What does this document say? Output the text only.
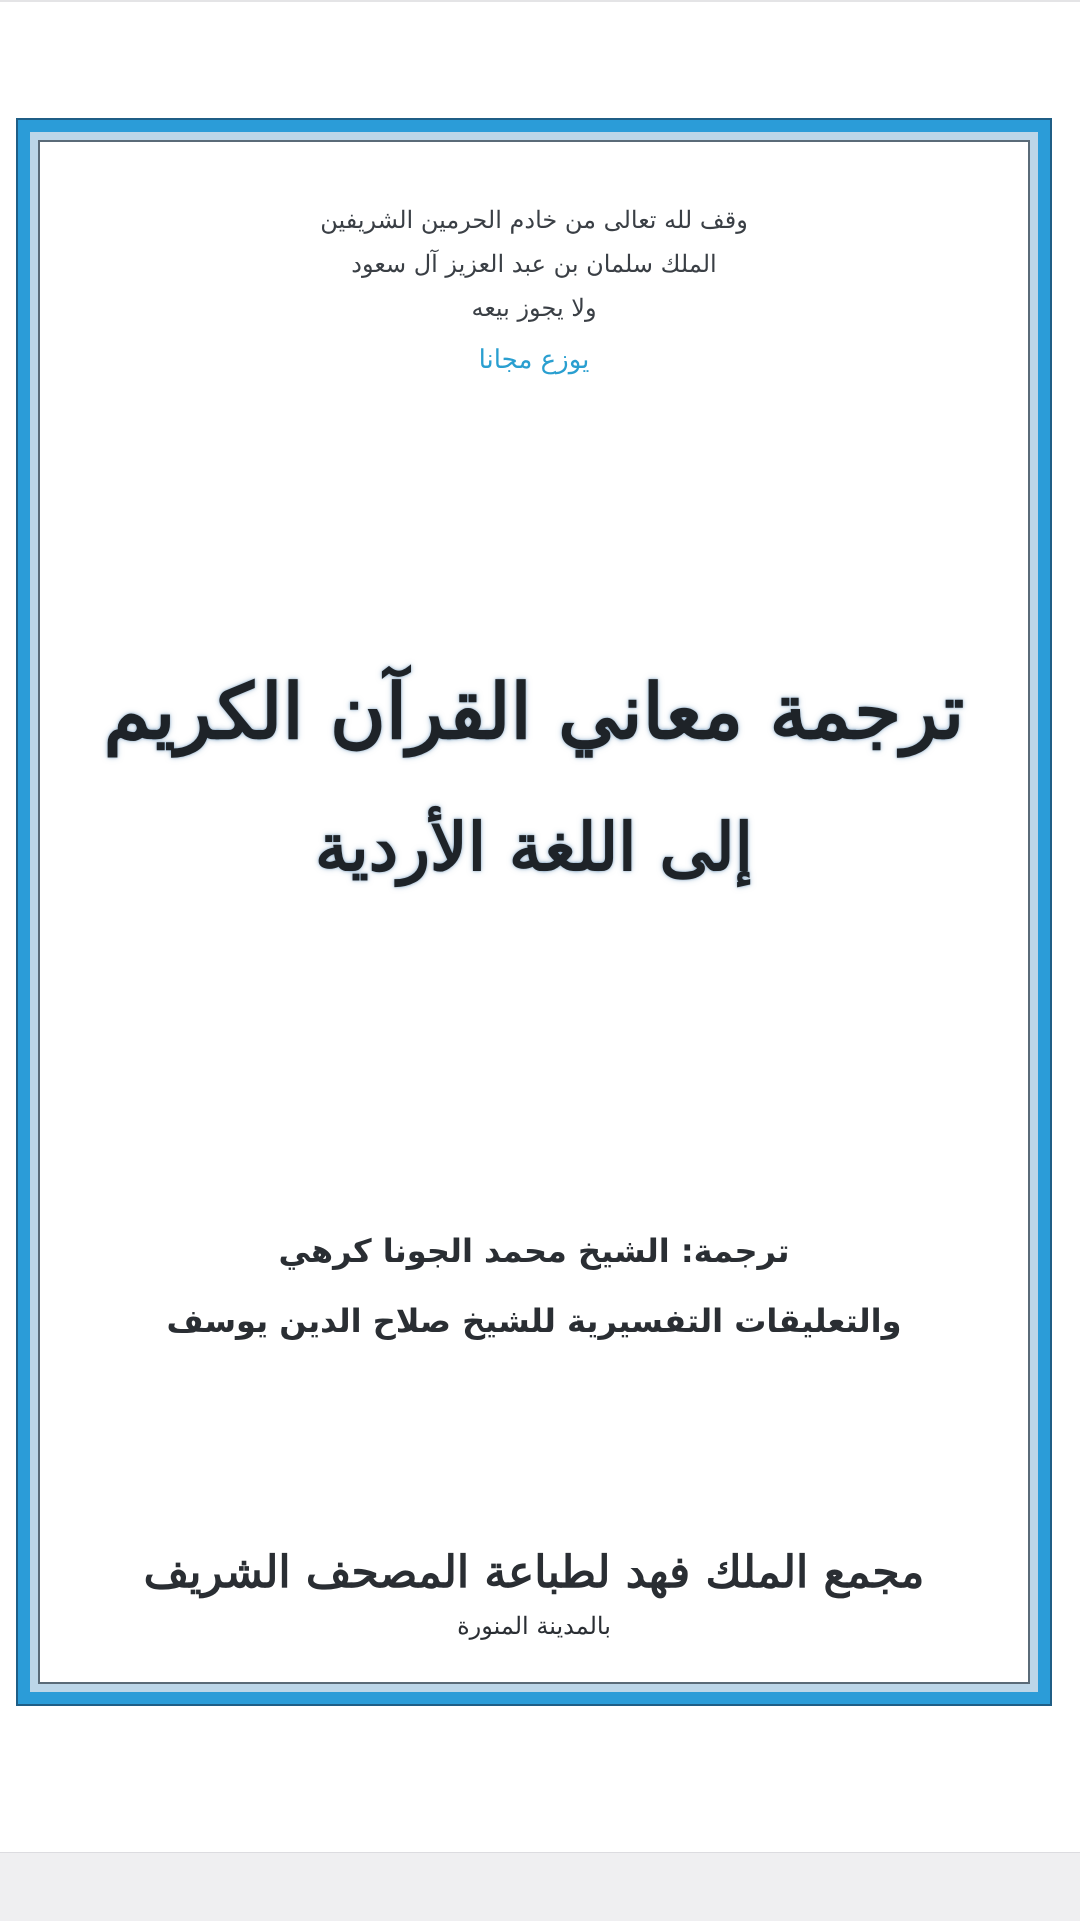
وقف لله تعالى من خادم الحرمين الشريفين
الملك سلمان بن عبد العزيز آل سعود
ولا يجوز بيعه
يوزع مجانا
ترجمة معاني القرآن الكريم
إلى اللغة الأردية
ترجمة: الشيخ محمد الجونا كرهي
والتعليقات التفسيرية للشيخ صلاح الدين يوسف
مجمع الملك فهد لطباعة المصحف الشريف
بالمدينة المنورة
